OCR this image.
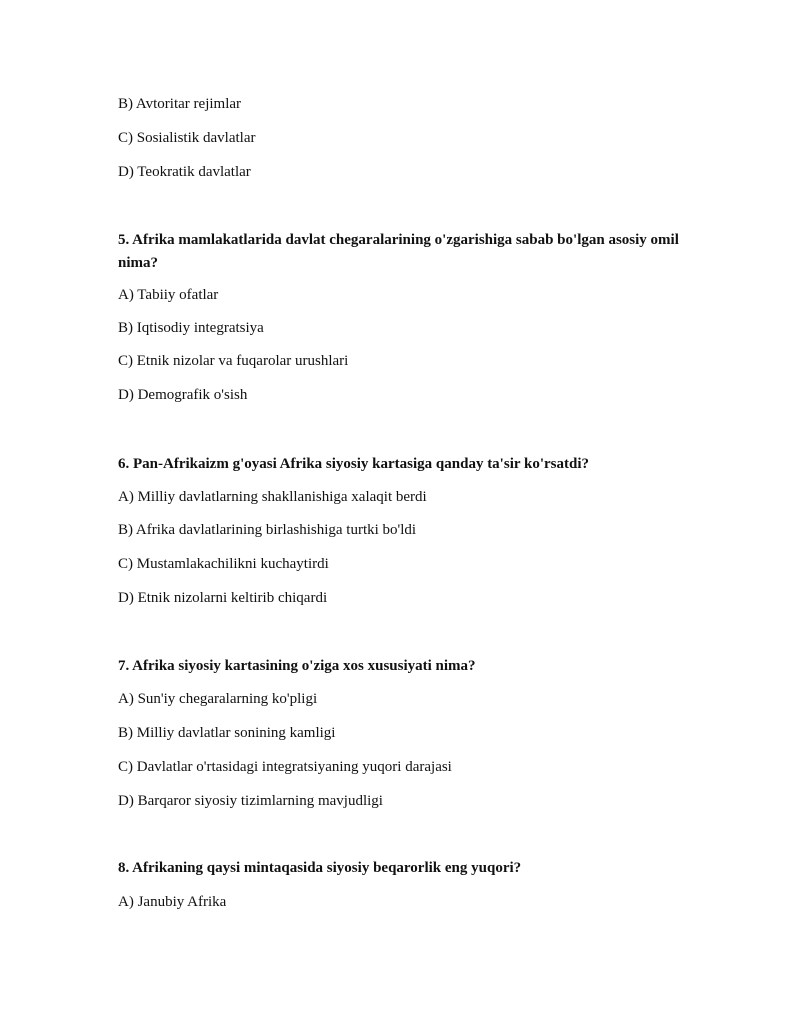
B) Avtoritar rejimlar
C) Sosialistik davlatlar
D) Teokratik davlatlar
5. Afrika mamlakatlarida davlat chegaralarining o'zgarishiga sabab bo'lgan asosiy omil nima?
A) Tabiiy ofatlar
B) Iqtisodiy integratsiya
C) Etnik nizolar va fuqarolar urushlari
D) Demografik o'sish
6. Pan-Afrikaizm g'oyasi Afrika siyosiy kartasiga qanday ta'sir ko'rsatdi?
A) Milliy davlatlarning shakllanishiga xalaqit berdi
B) Afrika davlatlarining birlashishiga turtki bo'ldi
C) Mustamlakachilikni kuchaytirdi
D) Etnik nizolarni keltirib chiqardi
7. Afrika siyosiy kartasining o'ziga xos xususiyati nima?
A) Sun'iy chegaralarning ko'pligi
B) Milliy davlatlar sonining kamligi
C) Davlatlar o'rtasidagi integratsiyaning yuqori darajasi
D) Barqaror siyosiy tizimlarning mavjudligi
8. Afrikaning qaysi mintaqasida siyosiy beqarorlik eng yuqori?
A) Janubiy Afrika
